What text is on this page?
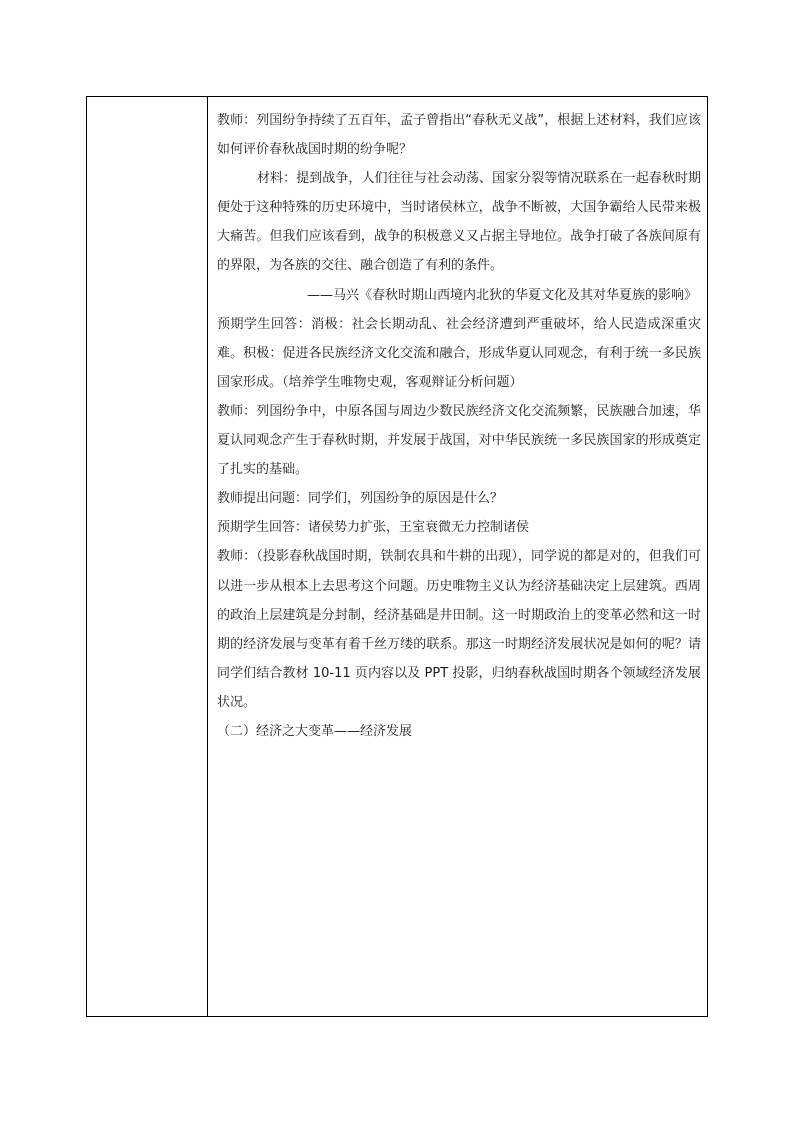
教师：列国纷争持续了五百年，孟子曾指出“春秋无义战”，根据上述材料，我们应该如何评价春秋战国时期的纷争呢？

材料：提到战争，人们往往与社会动荡、国家分裂等情况联系在一起春秋时期便处于这种特殊的历史环境中，当时诸侯林立，战争不断被，大国争霸给人民带来极大痛苦。但我们应该看到，战争的积极意义又占据主导地位。战争打破了各族间原有的界限，为各族的交往、融合创造了有利的条件。

——马兴《春秋时期山西境内北狄的华夏文化及其对华夏族的影响》

预期学生回答：消极：社会长期动乱、社会经济遭到严重破坏，给人民造成深重灾难。积极：促进各民族经济文化交流和融合，形成华夏认同观念，有利于统一多民族国家形成。（培养学生唯物史观，客观辩证分析问题）

教师：列国纷争中，中原各国与周边少数民族经济文化交流频繁，民族融合加速，华夏认同观念产生于春秋时期，并发展于战国，对中华民族统一多民族国家的形成奠定了扎实的基础。

教师提出问题：同学们，列国纷争的原因是什么？

预期学生回答：诸侯势力扩张，王室衰微无力控制诸侯

教师：（投影春秋战国时期，铁制农具和牛耕的出现），同学说的都是对的，但我们可以进一步从根本上去思考这个问题。历史唯物主义认为经济基础决定上层建筑。西周的政治上层建筑是分封制，经济基础是井田制。这一时期政治上的变革必然和这一时期的经济发展与变革有着千丝万缕的联系。那这一时期经济发展状况是如何的呢？请同学们结合教材 10-11 页内容以及 PPT 投影，归纳春秋战国时期各个领域经济发展状况。

（二）经济之大变革——经济发展
